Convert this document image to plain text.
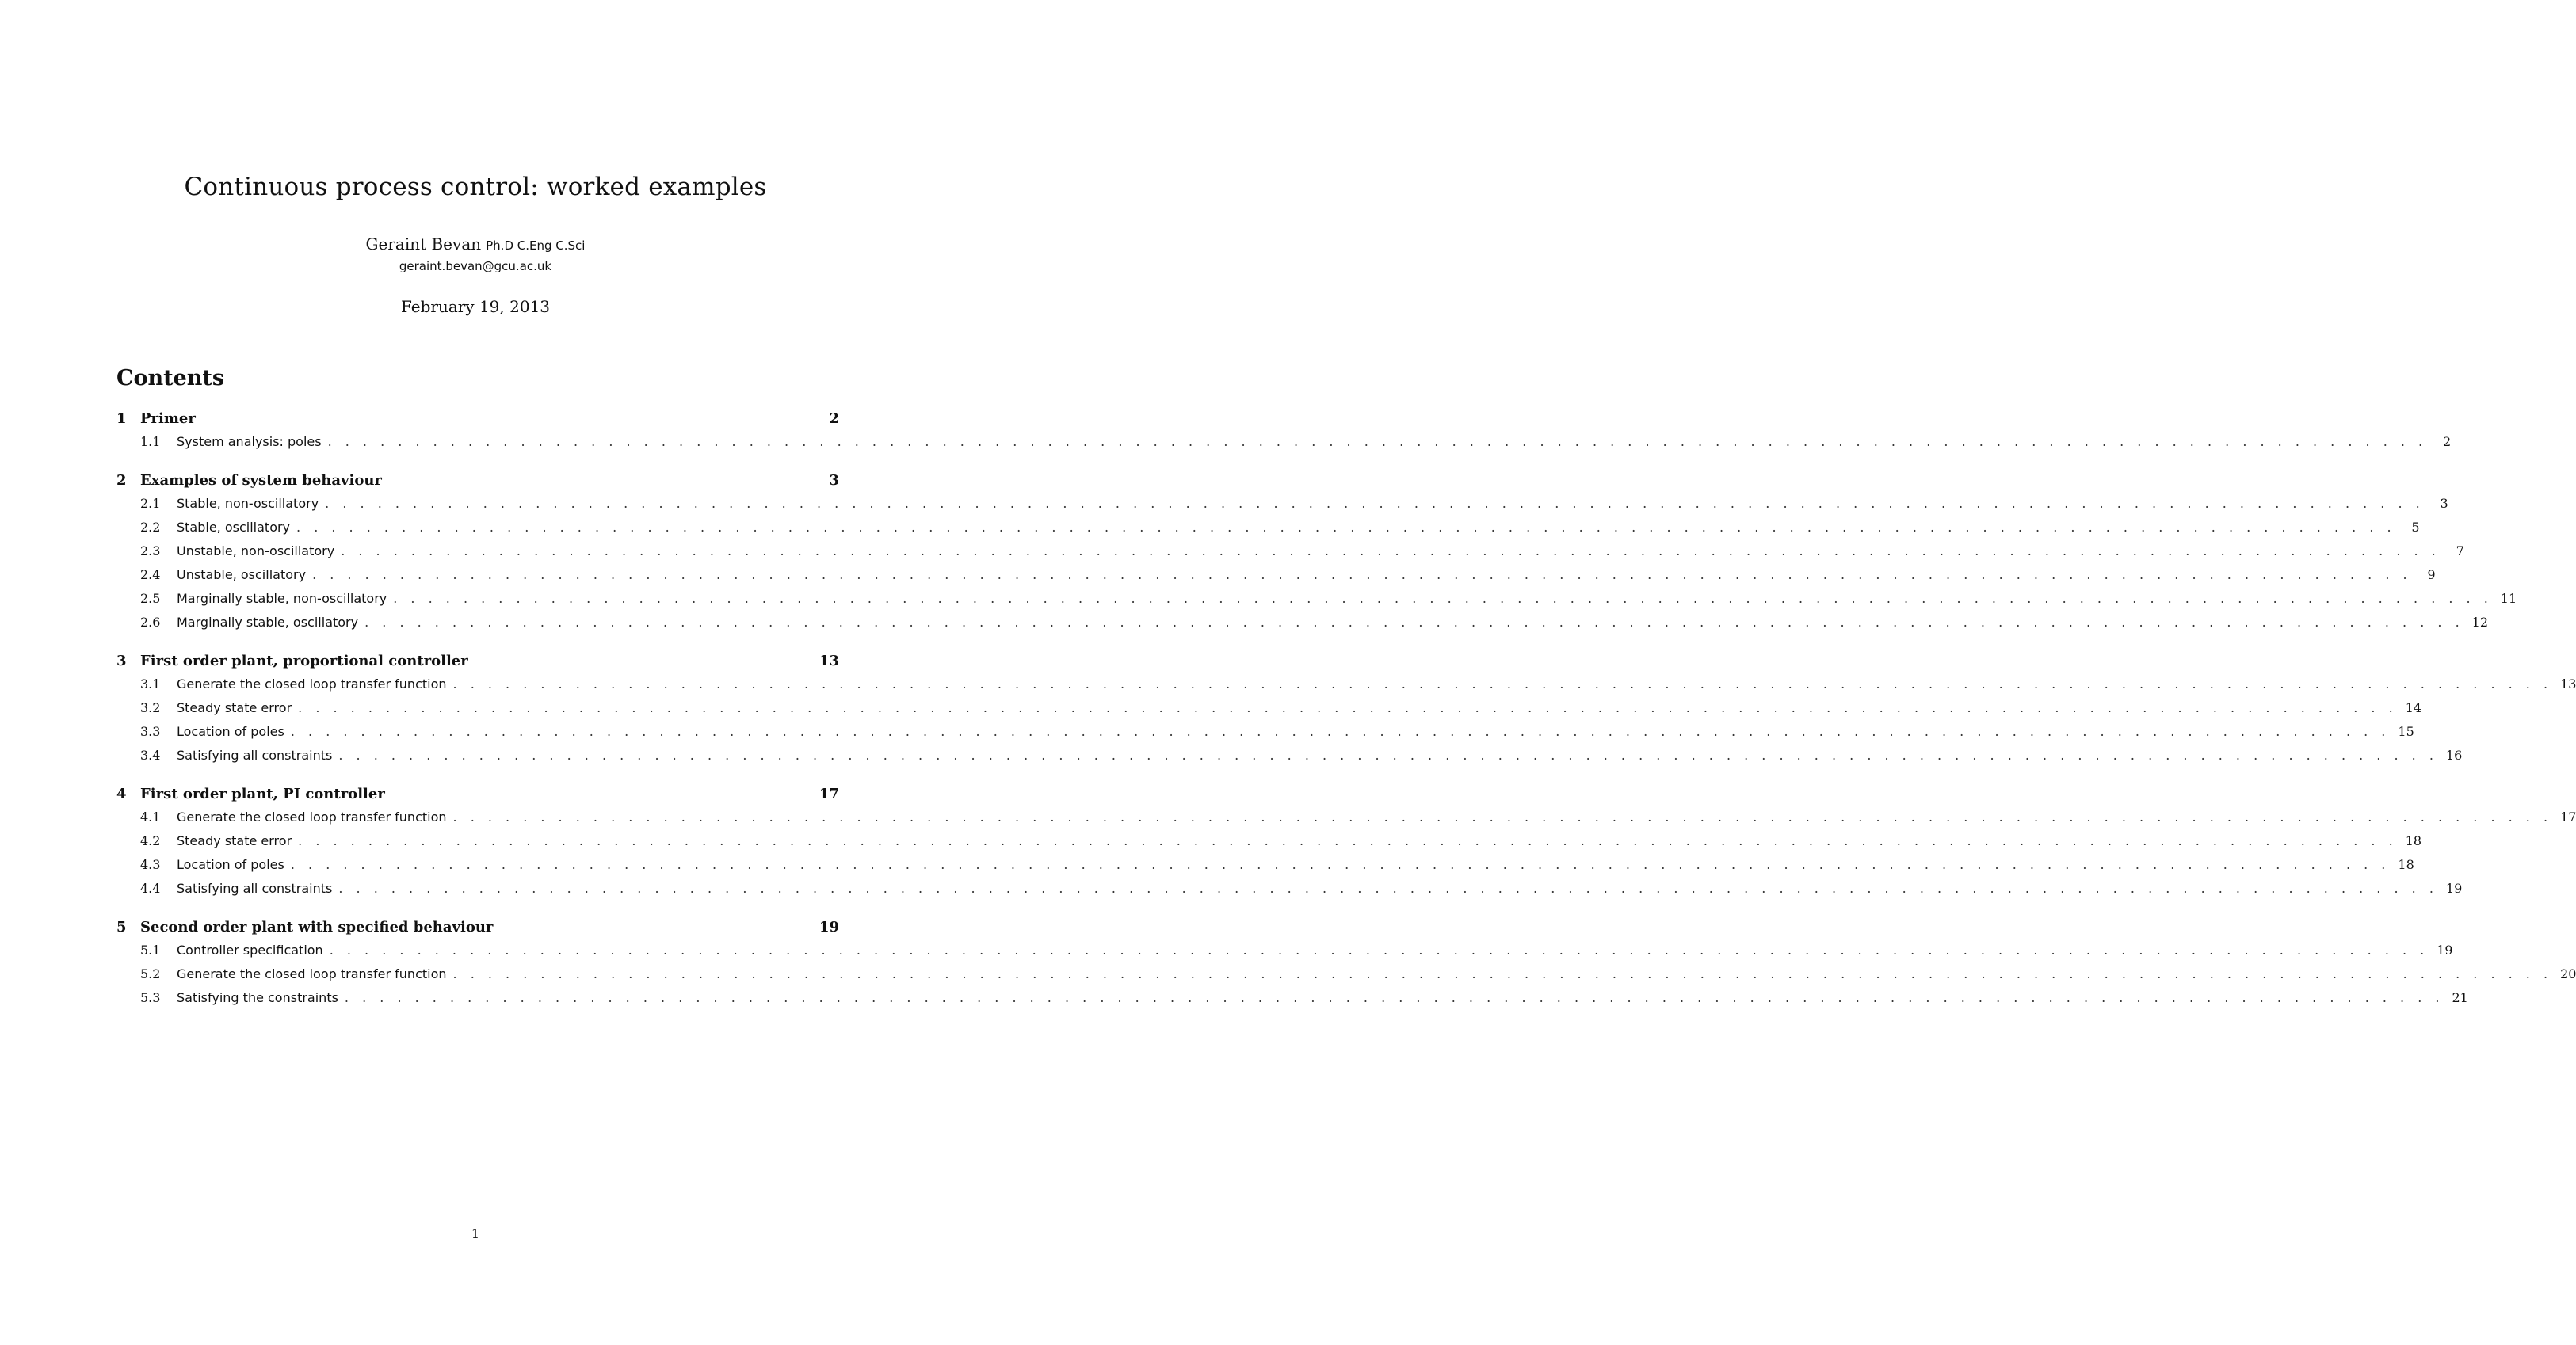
Continuous process control: worked examples
Geraint Bevan Ph.D C.Eng C.Sci
geraint.bevan@gcu.ac.uk
February 19, 2013
Contents
1 Primer	2
1.1	System analysis: poles . . . . . . . . . . . . . . . . . . . . . . . . . . . . . . . . . . . . . . . . . . . . . . . . . . . . . . . . . . . . . . . . . . . . . . . . . . . . . . . . . . . . . . . . . . . . . . . . . . . . . . . . . . . . . . . . . . . . . . . .	2
2 Examples of system behaviour	3
2.1	Stable, non-oscillatory . . . . . . . . . . . . . . . . . . . . . . . . . . . . . . . . . . . . . . . . . . . . . . . . . . . . . . . . . . . . . . . . . . . . . . . . . . . . . . . . . . . . . . . . . . . . . . . . . . . . . . . . . . . . . . . . . . . . . . . .	3
2.2	Stable, oscillatory . . . . . . . . . . . . . . . . . . . . . . . . . . . . . . . . . . . . . . . . . . . . . . . . . . . . . . . . . . . . . . . . . . . . . . . . . . . . . . . . . . . . . . . . . . . . . . . . . . . . . . . . . . . . . . . . . . . . . . . .	5
2.3	Unstable, non-oscillatory . . . . . . . . . . . . . . . . . . . . . . . . . . . . . . . . . . . . . . . . . . . . . . . . . . . . . . . . . . . . . . . . . . . . . . . . . . . . . . . . . . . . . . . . . . . . . . . . . . . . . . . . . . . . . . . . . . . . . . . .	7
2.4	Unstable, oscillatory . . . . . . . . . . . . . . . . . . . . . . . . . . . . . . . . . . . . . . . . . . . . . . . . . . . . . . . . . . . . . . . . . . . . . . . . . . . . . . . . . . . . . . . . . . . . . . . . . . . . . . . . . . . . . . . . . . . . . . . .	9
2.5	Marginally stable, non-oscillatory . . . . . . . . . . . . . . . . . . . . . . . . . . . . . . . . . . . . . . . . . . . . . . . . . . . . . . . . . . . . . . . . . . . . . . . . . . . . . . . . . . . . . . . . . . . . . . . . . . . . . . . . . . . . . . . . . . . . . . . . 11
2.6	Marginally stable, oscillatory . . . . . . . . . . . . . . . . . . . . . . . . . . . . . . . . . . . . . . . . . . . . . . . . . . . . . . . . . . . . . . . . . . . . . . . . . . . . . . . . . . . . . . . . . . . . . . . . . . . . . . . . . . . . . . . . . . . . . . . . 12
3 First order plant, proportional controller	13
3.1	Generate the closed loop transfer function . . . . . . . . . . . . . . . . . . . . . . . . . . . . . . . . . . . . . . . . . . . . . . . . . . . . . . . . . . . . . . . . . . . . . . . . . . . . . . . . . . . . . . . . . . . . . . . . . . . . . . . . . . . . . . . . . . . . . . . . 13
3.2	Steady state error . . . . . . . . . . . . . . . . . . . . . . . . . . . . . . . . . . . . . . . . . . . . . . . . . . . . . . . . . . . . . . . . . . . . . . . . . . . . . . . . . . . . . . . . . . . . . . . . . . . . . . . . . . . . . . . . . . . . . . . . 14
3.3	Location of poles . . . . . . . . . . . . . . . . . . . . . . . . . . . . . . . . . . . . . . . . . . . . . . . . . . . . . . . . . . . . . . . . . . . . . . . . . . . . . . . . . . . . . . . . . . . . . . . . . . . . . . . . . . . . . . . . . . . . . . . . 15
3.4	Satisfying all constraints . . . . . . . . . . . . . . . . . . . . . . . . . . . . . . . . . . . . . . . . . . . . . . . . . . . . . . . . . . . . . . . . . . . . . . . . . . . . . . . . . . . . . . . . . . . . . . . . . . . . . . . . . . . . . . . . . . . . . . . . 16
4 First order plant, PI controller	17
4.1	Generate the closed loop transfer function . . . . . . . . . . . . . . . . . . . . . . . . . . . . . . . . . . . . . . . . . . . . . . . . . . . . . . . . . . . . . . . . . . . . . . . . . . . . . . . . . . . . . . . . . . . . . . . . . . . . . . . . . . . . . . . . . . . . . . . . 17
4.2	Steady state error . . . . . . . . . . . . . . . . . . . . . . . . . . . . . . . . . . . . . . . . . . . . . . . . . . . . . . . . . . . . . . . . . . . . . . . . . . . . . . . . . . . . . . . . . . . . . . . . . . . . . . . . . . . . . . . . . . . . . . . . 18
4.3	Location of poles . . . . . . . . . . . . . . . . . . . . . . . . . . . . . . . . . . . . . . . . . . . . . . . . . . . . . . . . . . . . . . . . . . . . . . . . . . . . . . . . . . . . . . . . . . . . . . . . . . . . . . . . . . . . . . . . . . . . . . . . 18
4.4	Satisfying all constraints . . . . . . . . . . . . . . . . . . . . . . . . . . . . . . . . . . . . . . . . . . . . . . . . . . . . . . . . . . . . . . . . . . . . . . . . . . . . . . . . . . . . . . . . . . . . . . . . . . . . . . . . . . . . . . . . . . . . . . . . 19
5 Second order plant with specified behaviour	19
5.1	Controller specification . . . . . . . . . . . . . . . . . . . . . . . . . . . . . . . . . . . . . . . . . . . . . . . . . . . . . . . . . . . . . . . . . . . . . . . . . . . . . . . . . . . . . . . . . . . . . . . . . . . . . . . . . . . . . . . . . . . . . . . . 19
5.2	Generate the closed loop transfer function . . . . . . . . . . . . . . . . . . . . . . . . . . . . . . . . . . . . . . . . . . . . . . . . . . . . . . . . . . . . . . . . . . . . . . . . . . . . . . . . . . . . . . . . . . . . . . . . . . . . . . . . . . . . . . . . . . . . . . . . 20
5.3	Satisfying the constraints . . . . . . . . . . . . . . . . . . . . . . . . . . . . . . . . . . . . . . . . . . . . . . . . . . . . . . . . . . . . . . . . . . . . . . . . . . . . . . . . . . . . . . . . . . . . . . . . . . . . . . . . . . . . . . . . . . . . . . . . 21
1
